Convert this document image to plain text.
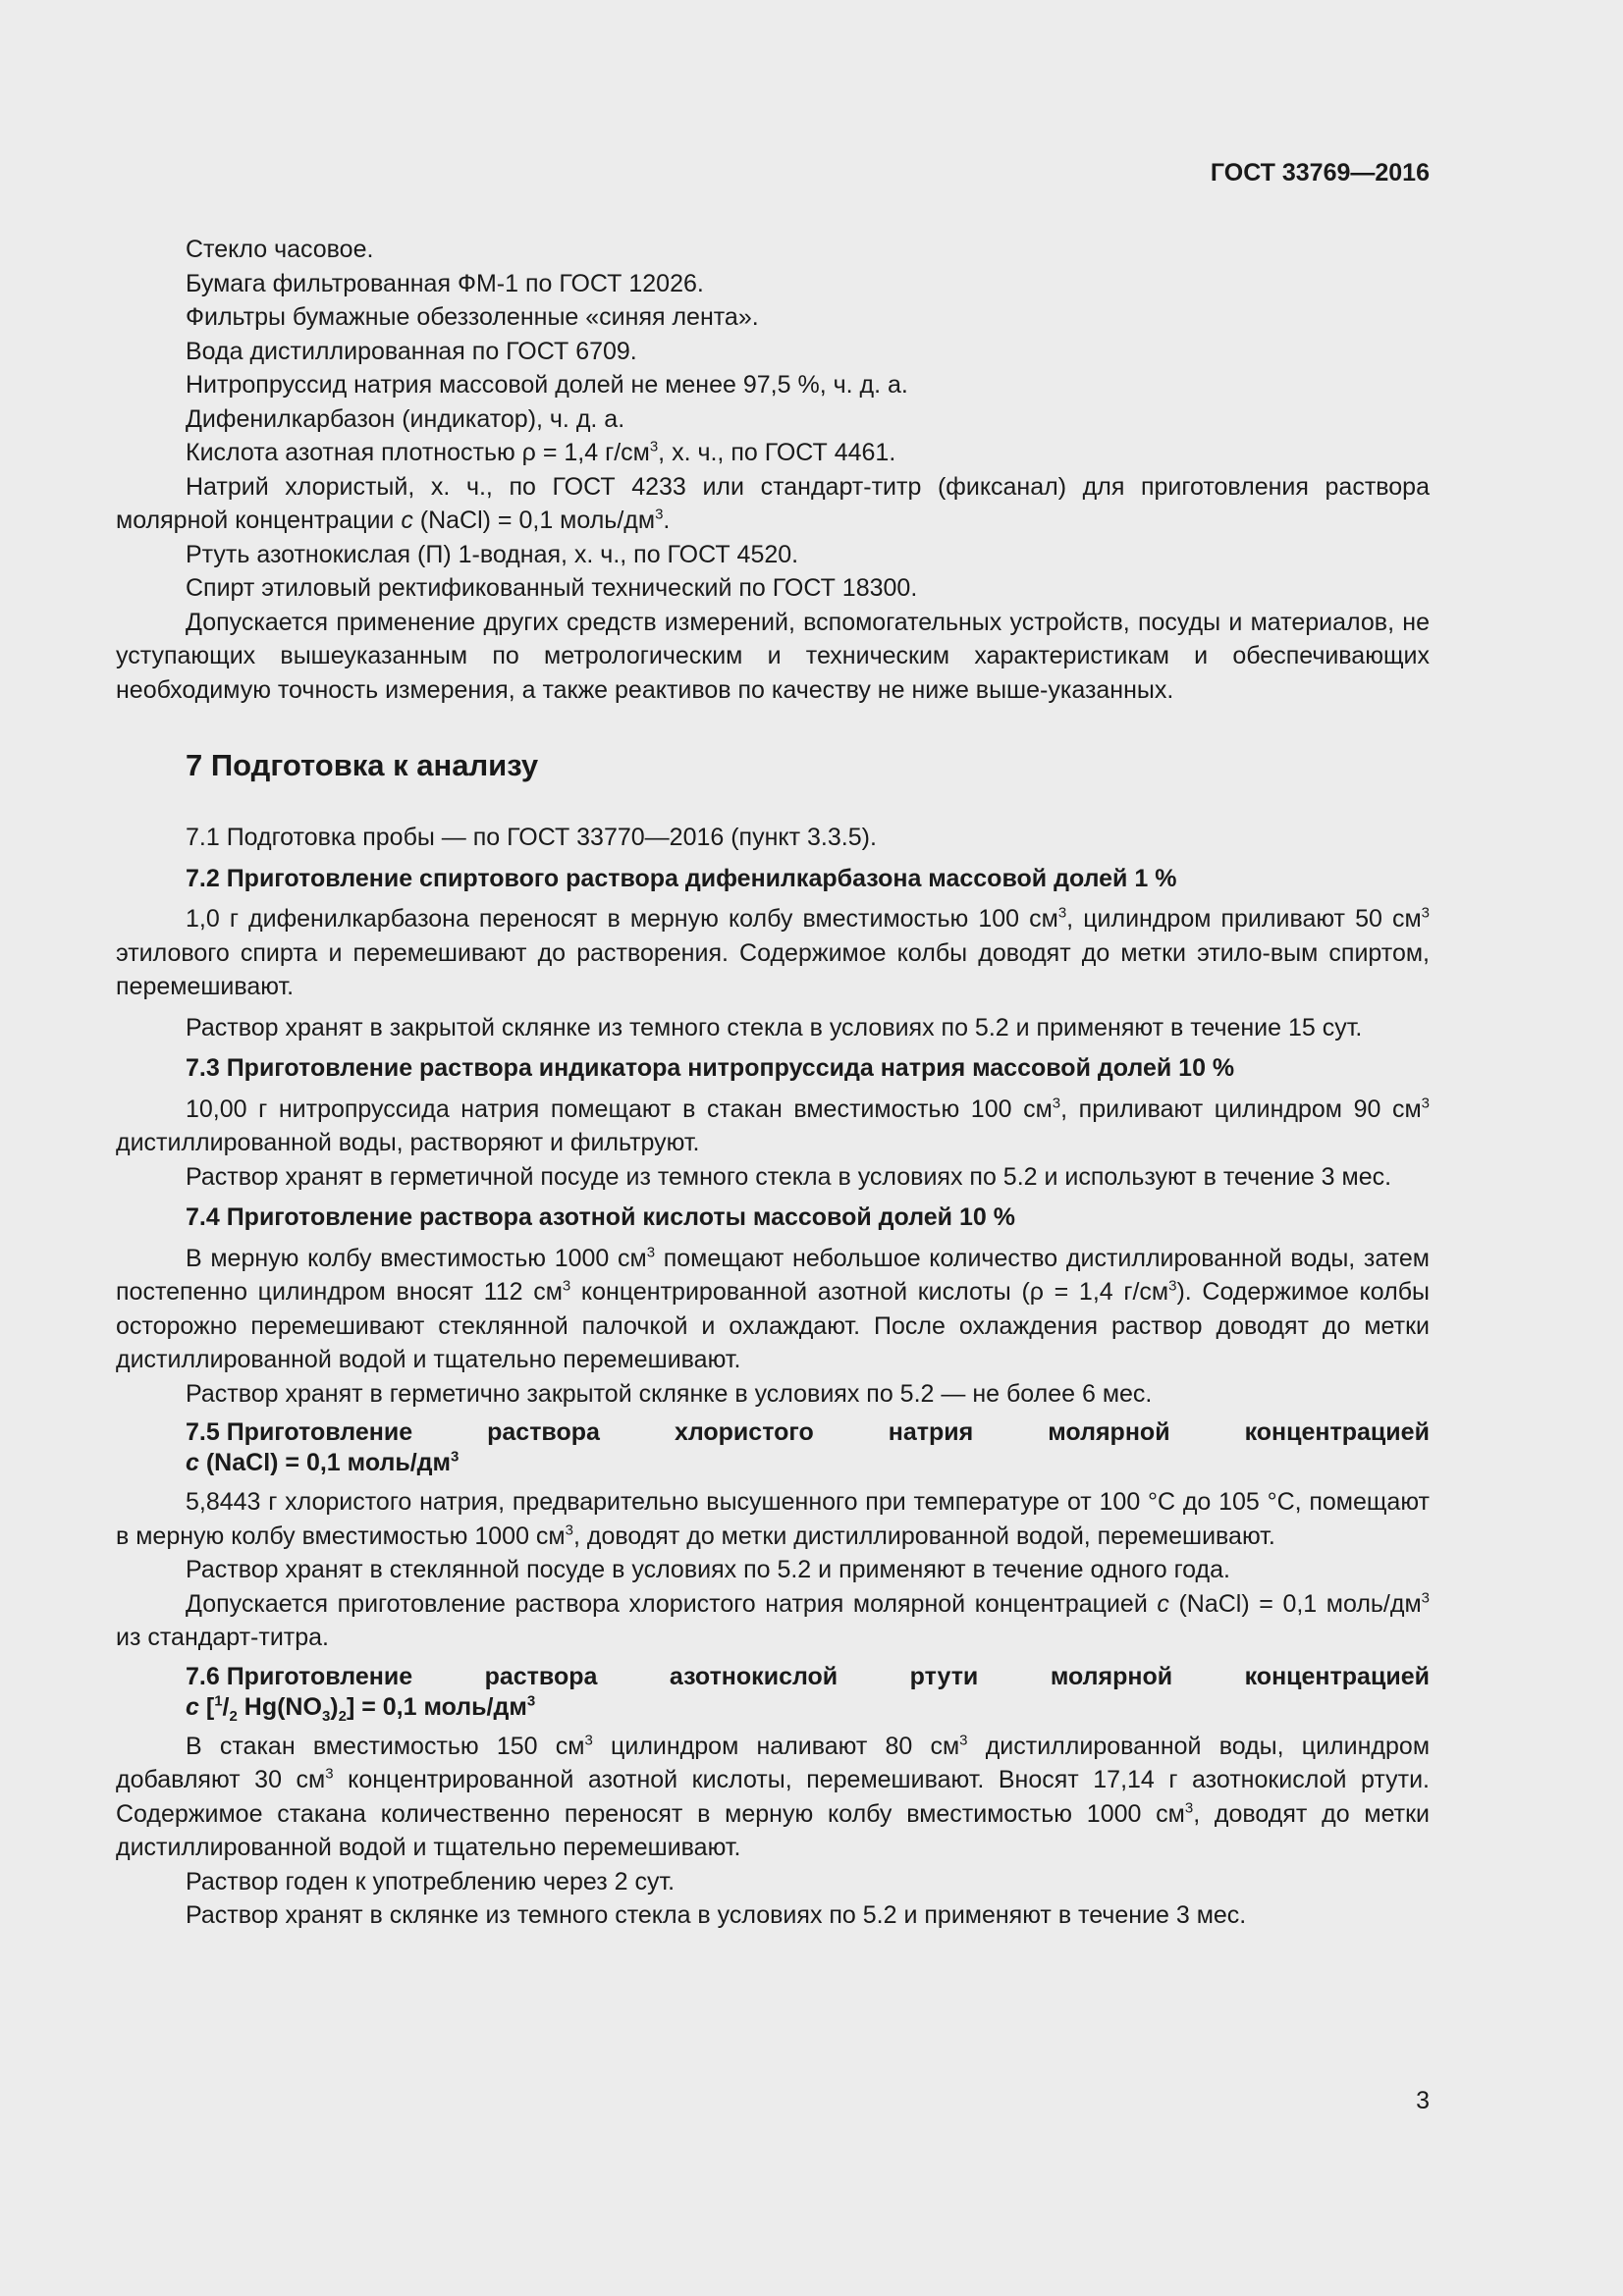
ГОСТ 33769—2016

Стекло часовое.

Бумага фильтрованная ФМ-1 по ГОСТ 12026.

Фильтры бумажные обеззоленные «синяя лента».

Вода дистиллированная по ГОСТ 6709.

Нитропруссид натрия массовой долей не менее 97,5 %, ч. д. а.

Дифенилкарбазон (индикатор), ч. д. а.

Кислота азотная плотностью ρ = 1,4 $г/см^3$, х. ч., по ГОСТ 4461.

Натрий хлористый, х. ч., по ГОСТ 4233 или стандарт-титр (фиксанал) для приготовления раствора молярной концентрации с (NaCl) = 0,1 моль/$дм^3$.

Ртуть азотнокислая (П) 1-водная, х. ч., по ГОСТ 4520.

Спирт этиловый ректификованный технический по ГОСТ 18300.

Допускается применение других средств измерений, вспомогательных устройств, посуды и материалов, не уступающих вышеуказанным по метрологическим и техническим характеристикам и обеспечивающих необходимую точность измерения, а также реактивов по качеству не ниже выше-указанных.

7 Подготовка к анализу

7.1 Подготовка пробы — по ГОСТ 33770—2016 (пункт 3.3.5).

7.2 Приготовление спиртового раствора дифенилкарбазона массовой долей 1 %

1,0 г дифенилкарбазона переносят в мерную колбу вместимостью 100 $см^3$, цилиндром приливают 50 $см^3$ этилового спирта и перемешивают до растворения. Содержимое колбы доводят до метки этило-вым спиртом, перемешивают.

Раствор хранят в закрытой склянке из темного стекла в условиях по 5.2 и применяют в течение 15 сут.

7.3 Приготовление раствора индикатора нитропруссида натрия массовой долей 10 %

10,00 г нитропруссида натрия помещают в стакан вместимостью 100 $см^3$, приливают цилиндром 90 $см^3$ дистиллированной воды, растворяют и фильтруют.

Раствор хранят в герметичной посуде из темного стекла в условиях по 5.2 и используют в течение 3 мес.

7.4 Приготовление раствора азотной кислоты массовой долей 10 %

В мерную колбу вместимостью 1000 $см^3$ помещают небольшое количество дистиллированной воды, затем постепенно цилиндром вносят 112 $см^3$ концентрированной азотной кислоты (ρ = 1,4 $г/см^3$). Содержимое колбы осторожно перемешивают стеклянной палочкой и охлаждают. После охлаждения раствор доводят до метки дистиллированной водой и тщательно перемешивают.

Раствор хранят в герметично закрытой склянке в условиях по 5.2 — не более 6 мес.

7.5 Приготовление	раствора	хлористого	натрия	молярной	концентрацией
с (NaCl) = 0,1 моль/$дм^3$

5,8443 г хлористого натрия, предварительно высушенного при температуре от 100 °С до 105 °С, помещают в мерную колбу вместимостью 1000 $см^3$, доводят до метки дистиллированной водой, перемешивают.

Раствор хранят в стеклянной посуде в условиях по 5.2 и применяют в течение одного года.

Допускается приготовление раствора хлористого натрия молярной концентрацией с (NaCl) = 0,1 моль/$дм^3$ из стандарт-титра.

7.6 Приготовление	раствора	азотнокислой	ртути	молярной	концентрацией
с [$^1/_2$ $Hg(NO_3)_2] = 0,1$ моль/$дм^3$

В стакан вместимостью 150 $см^3$ цилиндром наливают 80 $см^3$ дистиллированной воды, цилиндром добавляют 30 $см^3$ концентрированной азотной кислоты, перемешивают. Вносят 17,14 г азотнокислой ртути. Содержимое стакана количественно переносят в мерную колбу вместимостью 1000 $см^3$, доводят до метки дистиллированной водой и тщательно перемешивают.

Раствор годен к употреблению через 2 сут.

Раствор хранят в склянке из темного стекла в условиях по 5.2 и применяют в течение 3 мес.

3
